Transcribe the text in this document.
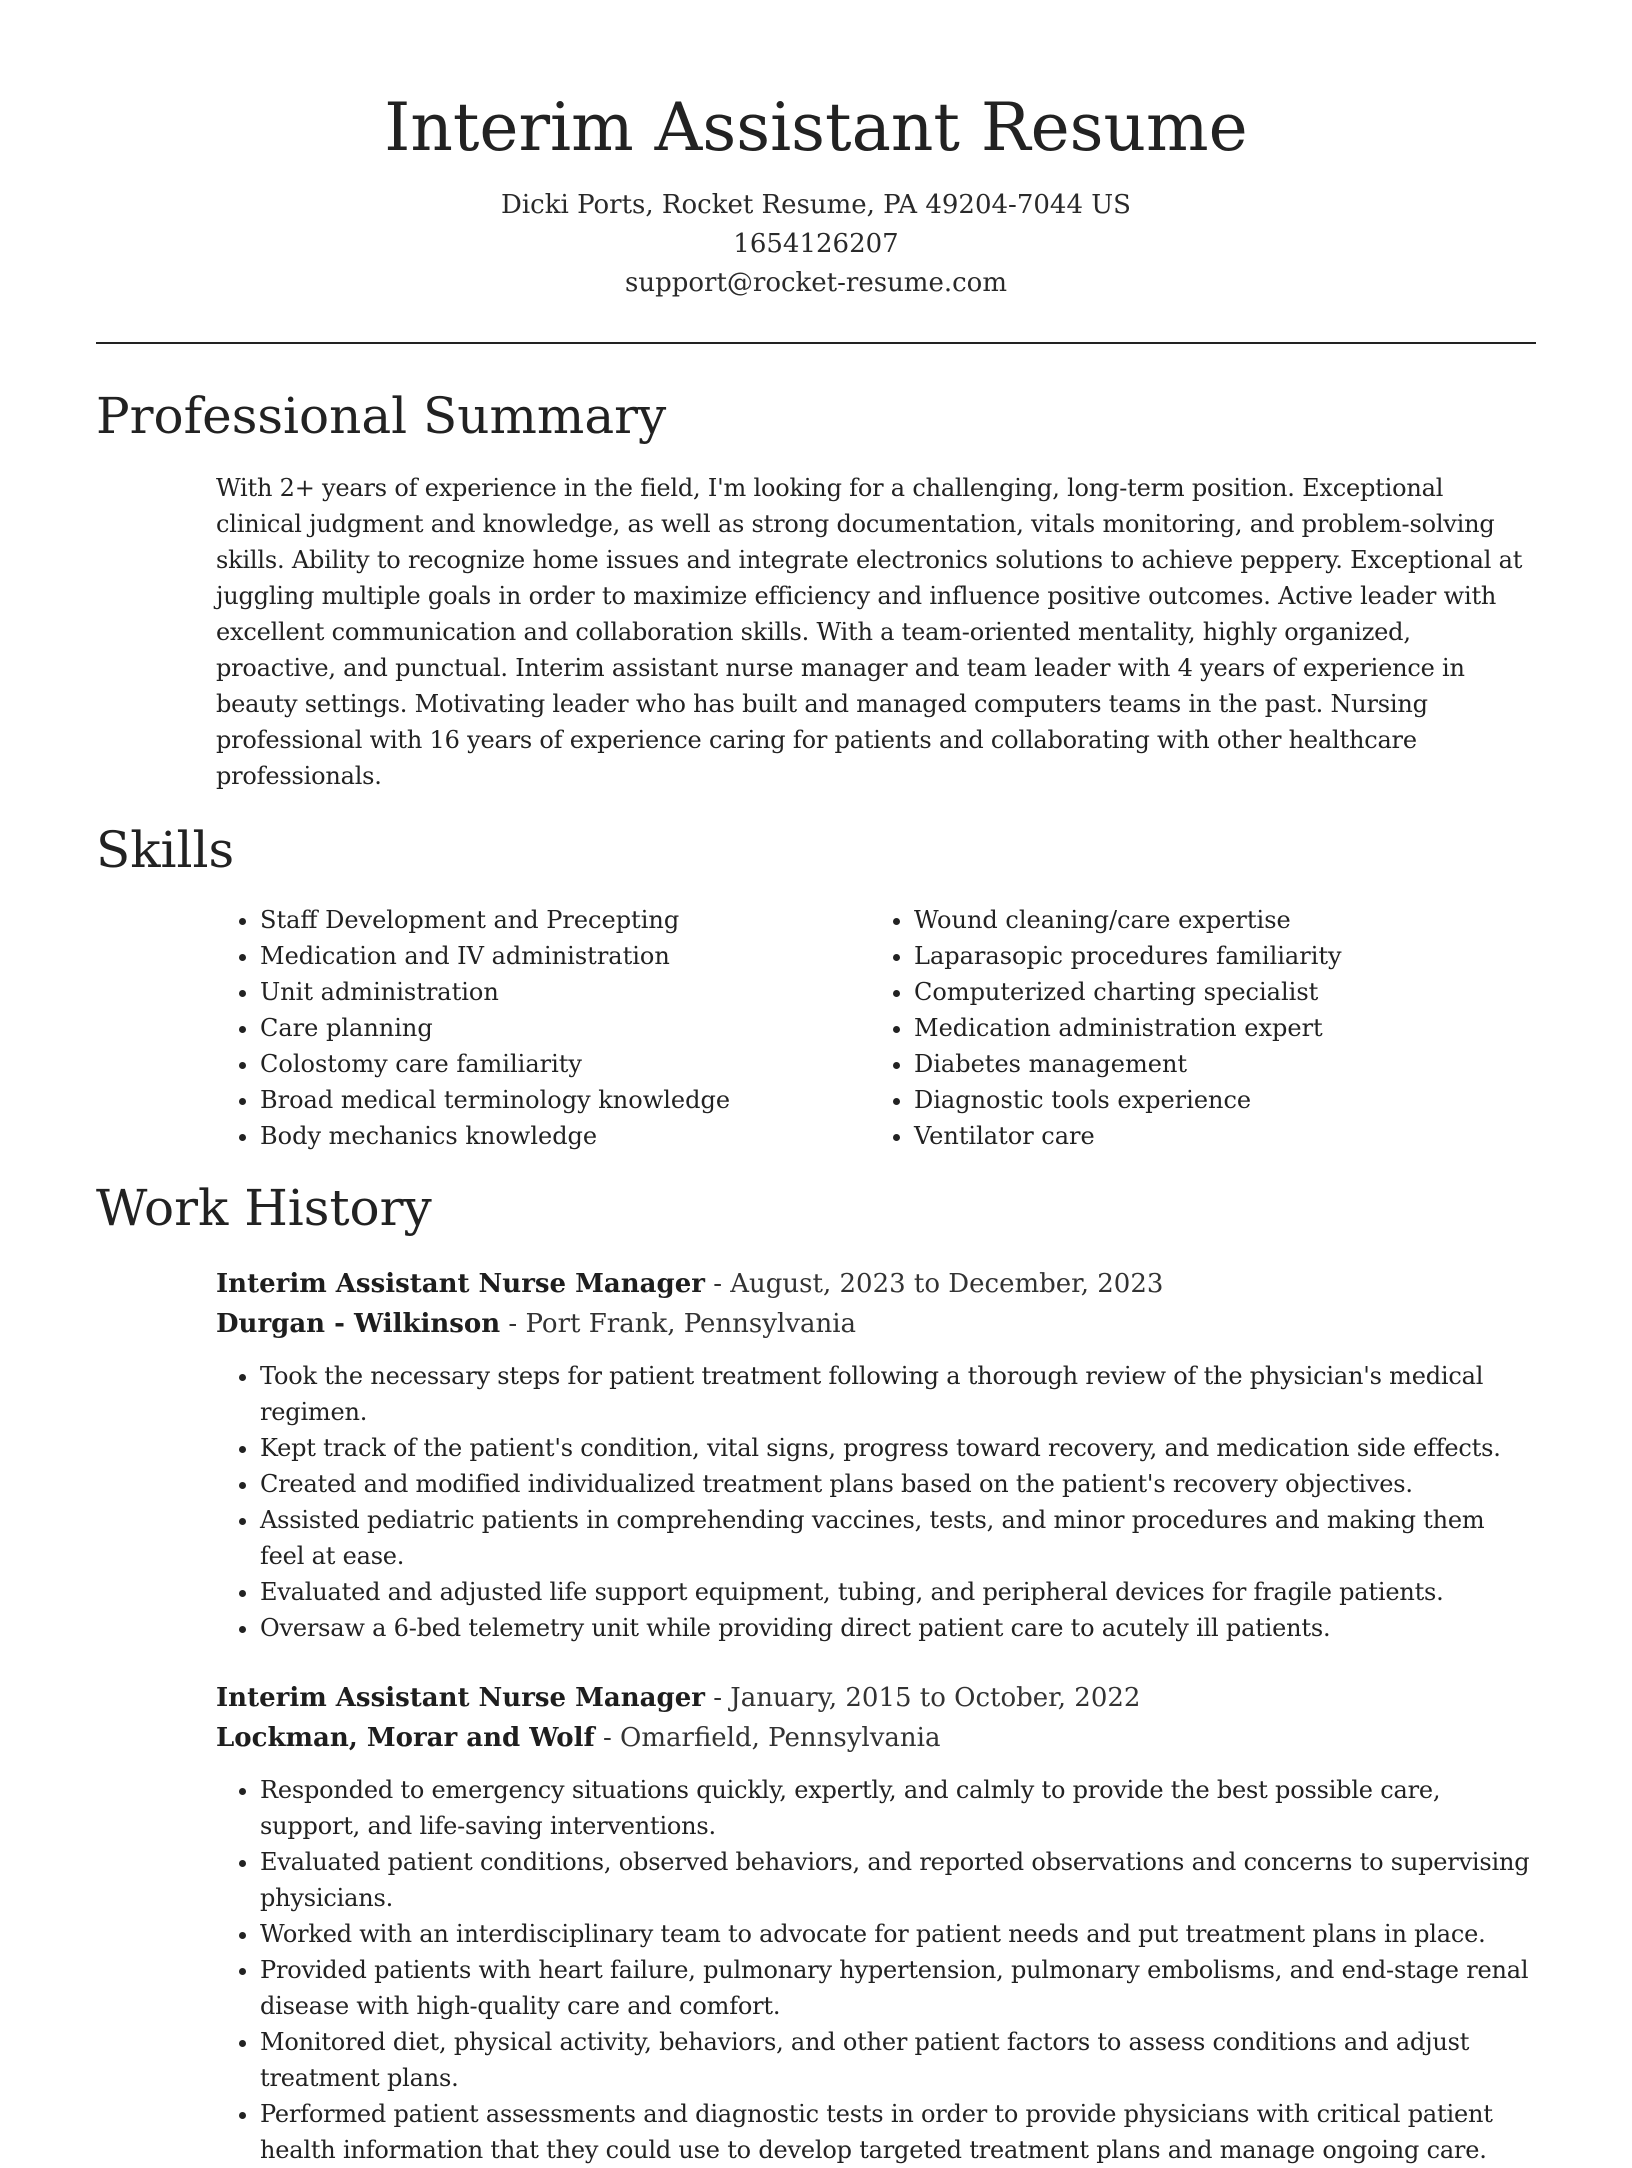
Interim Assistant Resume
Dicki Ports, Rocket Resume, PA 49204-7044 US
1654126207
support@rocket-resume.com
Professional Summary

With 2+ years of experience in the field, I'm looking for a challenging, long-term position. Exceptional clinical judgment and knowledge, as well as strong documentation, vitals monitoring, and problem-solving skills. Ability to recognize home issues and integrate electronics solutions to achieve peppery. Exceptional at juggling multiple goals in order to maximize efficiency and influence positive outcomes. Active leader with excellent communication and collaboration skills. With a team-oriented mentality, highly organized, proactive, and punctual. Interim assistant nurse manager and team leader with 4 years of experience in beauty settings. Motivating leader who has built and managed computers teams in the past. Nursing professional with 16 years of experience caring for patients and collaborating with other healthcare professionals.

Skills
• Staff Development and Precepting
• Medication and IV administration
• Unit administration
• Care planning
• Colostomy care familiarity
• Broad medical terminology knowledge
• Body mechanics knowledge
• Wound cleaning/care expertise
• Laparasopic procedures familiarity
• Computerized charting specialist
• Medication administration expert
• Diabetes management
• Diagnostic tools experience
• Ventilator care
Work History
Interim Assistant Nurse Manager - August, 2023 to December, 2023
Durgan - Wilkinson - Port Frank, Pennsylvania
• Took the necessary steps for patient treatment following a thorough review of the physician's medical regimen.
• Kept track of the patient's condition, vital signs, progress toward recovery, and medication side effects.
• Created and modified individualized treatment plans based on the patient's recovery objectives.
• Assisted pediatric patients in comprehending vaccines, tests, and minor procedures and making them feel at ease.
• Evaluated and adjusted life support equipment, tubing, and peripheral devices for fragile patients.
• Oversaw a 6-bed telemetry unit while providing direct patient care to acutely ill patients.
Interim Assistant Nurse Manager - January, 2015 to October, 2022
Lockman, Morar and Wolf - Omarfield, Pennsylvania
• Responded to emergency situations quickly, expertly, and calmly to provide the best possible care, support, and life-saving interventions.
• Evaluated patient conditions, observed behaviors, and reported observations and concerns to supervising physicians.
• Worked with an interdisciplinary team to advocate for patient needs and put treatment plans in place.
• Provided patients with heart failure, pulmonary hypertension, pulmonary embolisms, and end-stage renal disease with high-quality care and comfort.
• Monitored diet, physical activity, behaviors, and other patient factors to assess conditions and adjust treatment plans.
• Performed patient assessments and diagnostic tests in order to provide physicians with critical patient health information that they could use to develop targeted treatment plans and manage ongoing care.
